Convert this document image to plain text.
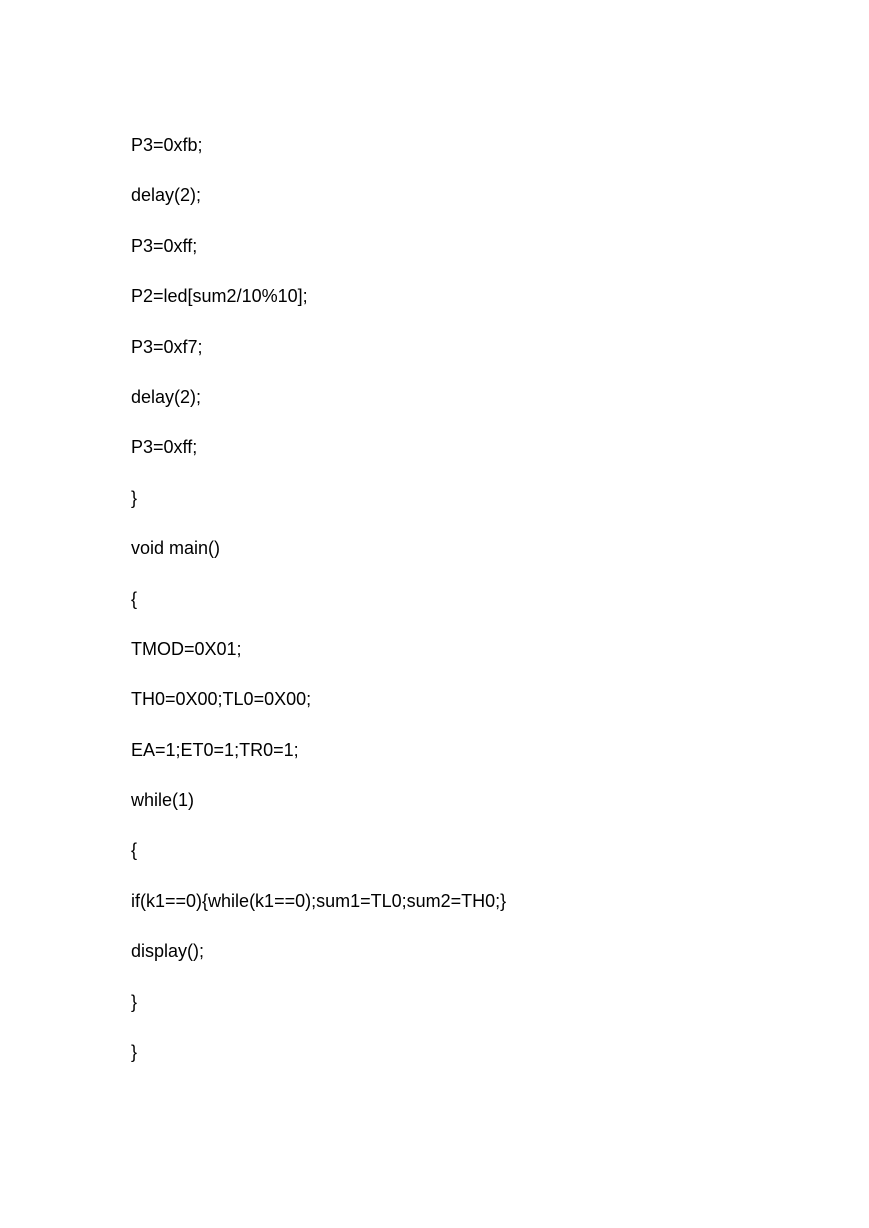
P3=0xfb;
delay(2);
P3=0xff;
P2=led[sum2/10%10];
P3=0xf7;
delay(2);
P3=0xff;
}
void main()
{
TMOD=0X01;
TH0=0X00;TL0=0X00;
EA=1;ET0=1;TR0=1;
while(1)
{
if(k1==0){while(k1==0);sum1=TL0;sum2=TH0;}
display();
}
}
